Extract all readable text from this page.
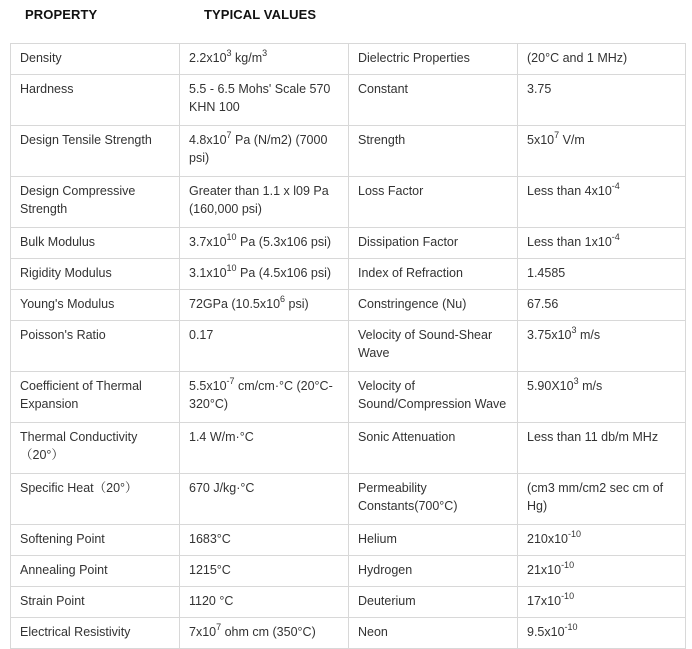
PROPERTY	TYPICAL VALUES
Density	$2.2x10^3$ $kg/m^3$	Dielectric Properties	(20°C and 1 MHz)

Hardness	5.5 - 6.5 Mohs' Scale 570 KHN 100	Constant	3.75

Design Tensile Strength	$4.8x10^7$ Pa (N/m2) (7000 psi)	Strength	$5x10^7$ V/m

Design Compressive Strength	Greater than 1.1 x l09 Pa (160,000 psi)	Loss Factor	Less than $4x10^{-4}$

Bulk Modulus	$3.7x10^{10}$ Pa (5.3x106 psi)	Dissipation Factor	Less than $1x10^{-4}$

Rigidity Modulus	$3.1x10^{10}$ Pa (4.5x106 psi)	Index of Refraction	1.4585

Young's Modulus	72GPa ($10.5x10^6$ psi)	Constringence (Nu)	67.56

Poisson's Ratio	0.17	Velocity of Sound-Shear Wave	$3.75x10^3$ m/s

Coefficient of Thermal Expansion	$5.5x10^{-7}$ cm/cm·°C (20°C-320°C)	Velocity of Sound/Compression Wave	$5.90X10^3$ m/s

Thermal Conductivity（20°）	1.4 W/m·°C	Sonic Attenuation	Less than 11 db/m MHz

Specific Heat（20°）	670 J/kg·°C	Permeability Constants(700°C)	(cm3 mm/cm2 sec cm of Hg)

Softening Point	1683°C	Helium	$210x10^{-10}$

Annealing Point	1215°C	Hydrogen	$21x10^{-10}$

Strain Point	1120 °C	Deuterium	$17x10^{-10}$

Electrical Resistivity	$7x10^7$ ohm cm (350°C)	Neon	$9.5x10^{-10}$
